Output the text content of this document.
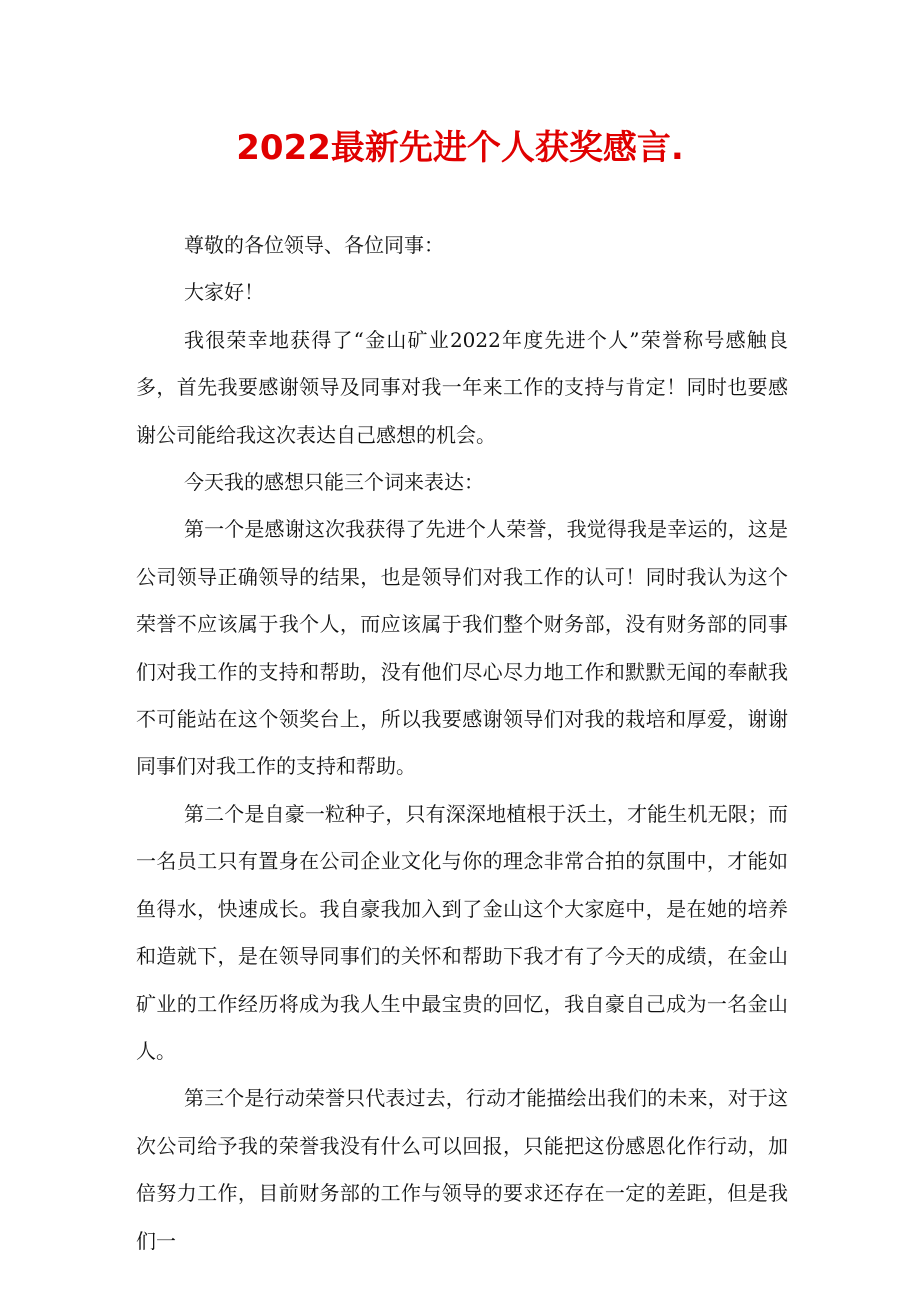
2022最新先进个人获奖感言.

尊敬的各位领导、各位同事：

大家好！

我很荣幸地获得了“金山矿业2022年度先进个人”荣誉称号感触良多，首先我要感谢领导及同事对我一年来工作的支持与肯定！同时也要感谢公司能给我这次表达自己感想的机会。

今天我的感想只能三个词来表达：

第一个是感谢这次我获得了先进个人荣誉，我觉得我是幸运的，这是公司领导正确领导的结果，也是领导们对我工作的认可！同时我认为这个荣誉不应该属于我个人，而应该属于我们整个财务部，没有财务部的同事们对我工作的支持和帮助，没有他们尽心尽力地工作和默默无闻的奉献我不可能站在这个领奖台上，所以我要感谢领导们对我的栽培和厚爱，谢谢同事们对我工作的支持和帮助。

第二个是自豪一粒种子，只有深深地植根于沃土，才能生机无限；而一名员工只有置身在公司企业文化与你的理念非常合拍的氛围中，才能如鱼得水，快速成长。我自豪我加入到了金山这个大家庭中，是在她的培养和造就下，是在领导同事们的关怀和帮助下我才有了今天的成绩，在金山矿业的工作经历将成为我人生中最宝贵的回忆，我自豪自己成为一名金山人。

第三个是行动荣誉只代表过去，行动才能描绘出我们的未来，对于这次公司给予我的荣誉我没有什么可以回报，只能把这份感恩化作行动，加倍努力工作，目前财务部的工作与领导的要求还存在一定的差距，但是我们一
